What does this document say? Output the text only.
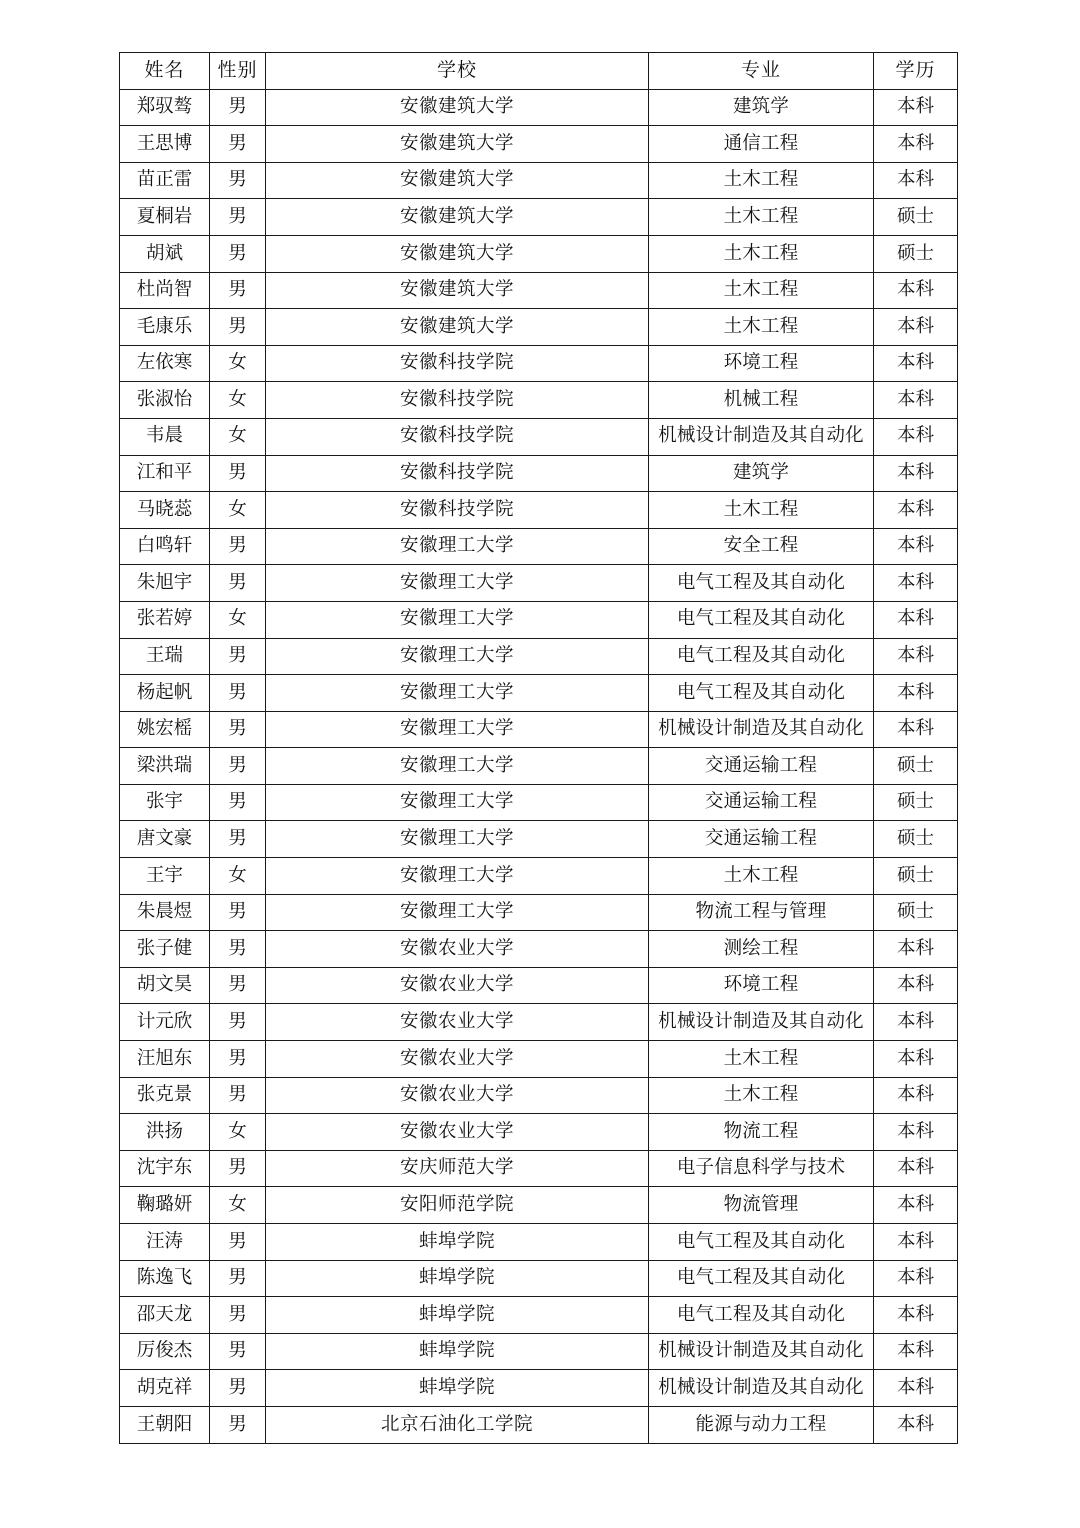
姓名	性别	学校	专业	学历
郑驭骜	男	安徽建筑大学	建筑学	本科
王思博	男	安徽建筑大学	通信工程	本科
苗正雷	男	安徽建筑大学	土木工程	本科
夏桐岩	男	安徽建筑大学	土木工程	硕士
胡斌	男	安徽建筑大学	土木工程	硕士
杜尚智	男	安徽建筑大学	土木工程	本科
毛康乐	男	安徽建筑大学	土木工程	本科
左依寒	女	安徽科技学院	环境工程	本科
张淑怡	女	安徽科技学院	机械工程	本科
韦晨	女	安徽科技学院	机械设计制造及其自动化	本科
江和平	男	安徽科技学院	建筑学	本科
马晓蕊	女	安徽科技学院	土木工程	本科
白鸣轩	男	安徽理工大学	安全工程	本科
朱旭宇	男	安徽理工大学	电气工程及其自动化	本科
张若婷	女	安徽理工大学	电气工程及其自动化	本科
王瑞	男	安徽理工大学	电气工程及其自动化	本科
杨起帆	男	安徽理工大学	电气工程及其自动化	本科
姚宏榣	男	安徽理工大学	机械设计制造及其自动化	本科
梁洪瑞	男	安徽理工大学	交通运输工程	硕士
张宇	男	安徽理工大学	交通运输工程	硕士
唐文豪	男	安徽理工大学	交通运输工程	硕士
王宇	女	安徽理工大学	土木工程	硕士
朱晨煜	男	安徽理工大学	物流工程与管理	硕士
张子健	男	安徽农业大学	测绘工程	本科
胡文昊	男	安徽农业大学	环境工程	本科
计元欣	男	安徽农业大学	机械设计制造及其自动化	本科
汪旭东	男	安徽农业大学	土木工程	本科
张克景	男	安徽农业大学	土木工程	本科
洪扬	女	安徽农业大学	物流工程	本科
沈宇东	男	安庆师范大学	电子信息科学与技术	本科
鞠璐妍	女	安阳师范学院	物流管理	本科
汪涛	男	蚌埠学院	电气工程及其自动化	本科
陈逸飞	男	蚌埠学院	电气工程及其自动化	本科
邵天龙	男	蚌埠学院	电气工程及其自动化	本科
厉俊杰	男	蚌埠学院	机械设计制造及其自动化	本科
胡克祥	男	蚌埠学院	机械设计制造及其自动化	本科
王朝阳	男	北京石油化工学院	能源与动力工程	本科
